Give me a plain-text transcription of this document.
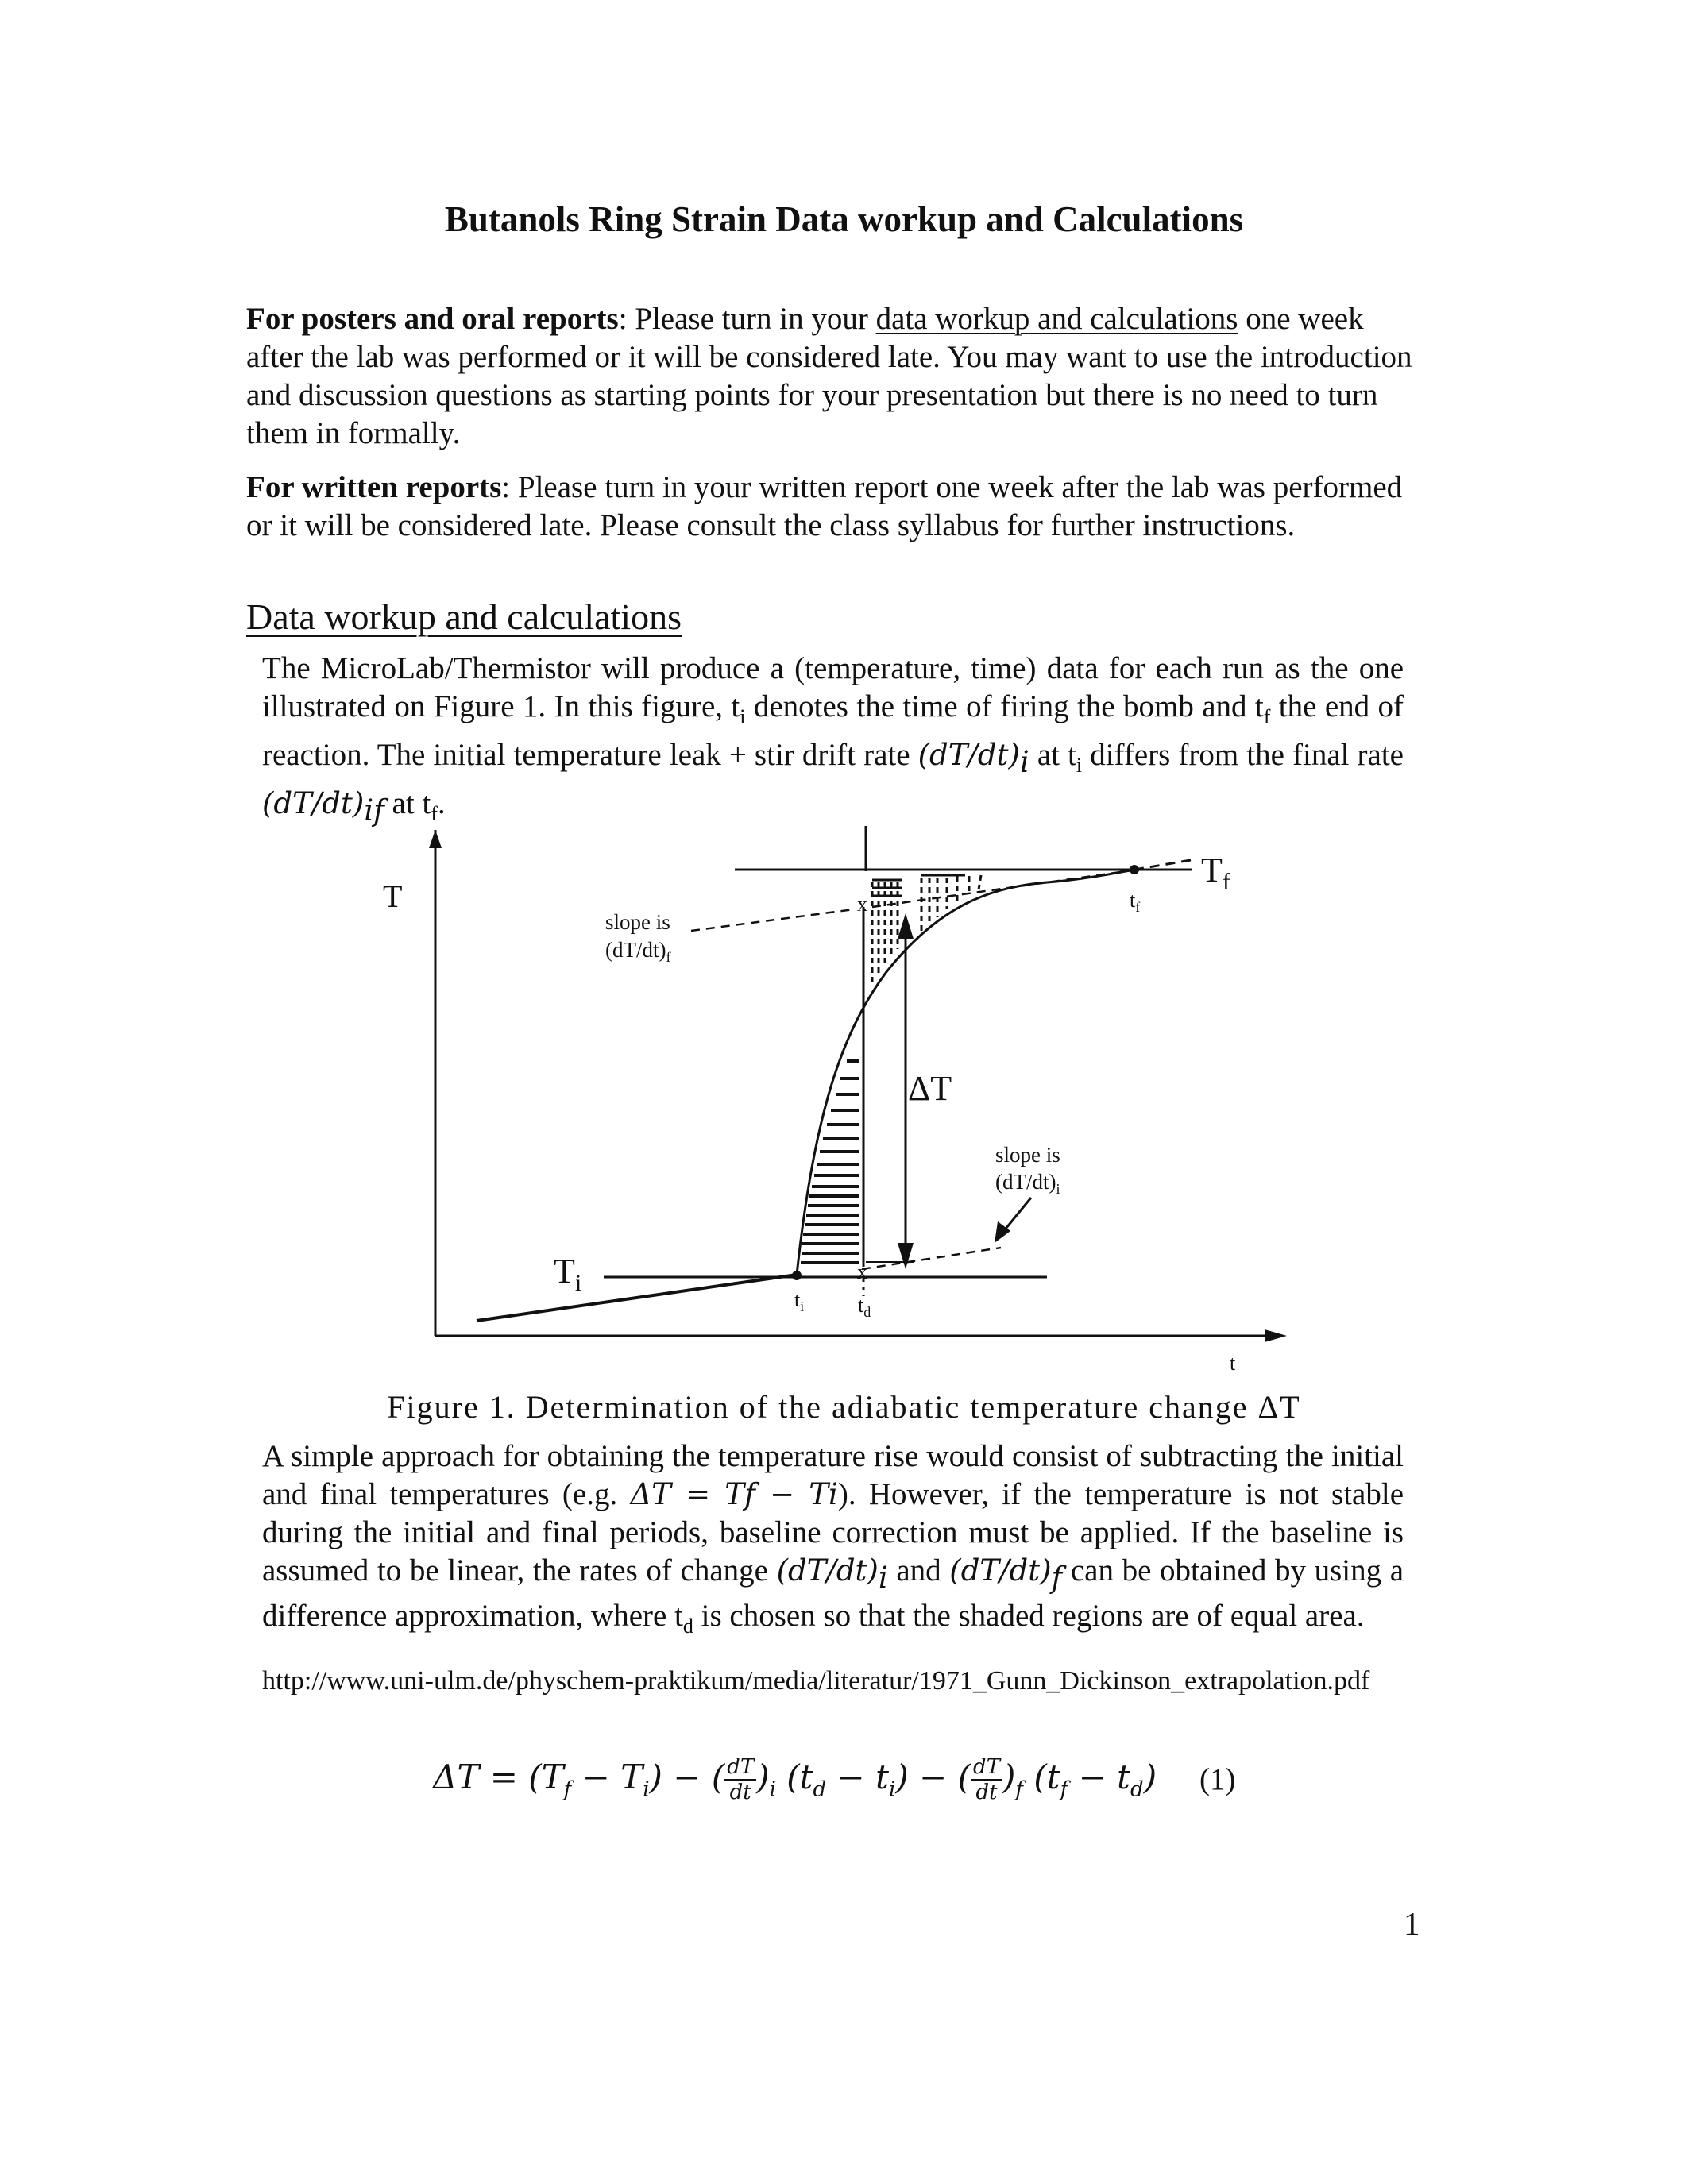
Butanols Ring Strain Data workup and Calculations

For posters and oral reports: Please turn in your data workup and calculations one week after the lab was performed or it will be considered late. You may want to use the introduction and discussion questions as starting points for your presentation but there is no need to turn them in formally.

For written reports: Please turn in your written report one week after the lab was performed or it will be considered late. Please consult the class syllabus for further instructions.

Data workup and calculations

The MicroLab/Thermistor will produce a (temperature, time) data for each run as the one illustrated on Figure 1. In this figure, $t_i$ denotes the time of firing the bomb and $t_f$ the end of reaction. The initial temperature leak + stir drift rate $(dT/dt)_i$ at $t_i$ differs from the final rate $(dT/dt)_{if}$ at $t_f$.

T
t
$T_f$
$T_i$
$t_f$
$t_i$	$t_d$
slope is
$(dT/dt)_f$
slope is
$(dT/dt)_i$
ΔT
x
x
Figure 1. Determination of the adiabatic temperature change ΔT

A simple approach for obtaining the temperature rise would consist of subtracting the initial and final temperatures (e.g. ΔT = Tf − Ti). However, if the temperature is not stable during the initial and final periods, baseline correction must be applied. If the baseline is assumed to be linear, the rates of change $(dT/dt)_i$ and $(dT/dt)_f$ can be obtained by using a difference approximation, where $t_d$ is chosen so that the shaded regions are of equal area.

http://www.uni-ulm.de/physchem-praktikum/media/literatur/1971_Gunn_Dickinson_extrapolation.pdf
$\Delta T = (T_f - T_i)$ − ( $\frac{dT}{dt} )_i$ $(t_d - t_i)$ − ( $\frac{dT}{dt} )_f$ $(t_f - t_d)$ (1)
1
